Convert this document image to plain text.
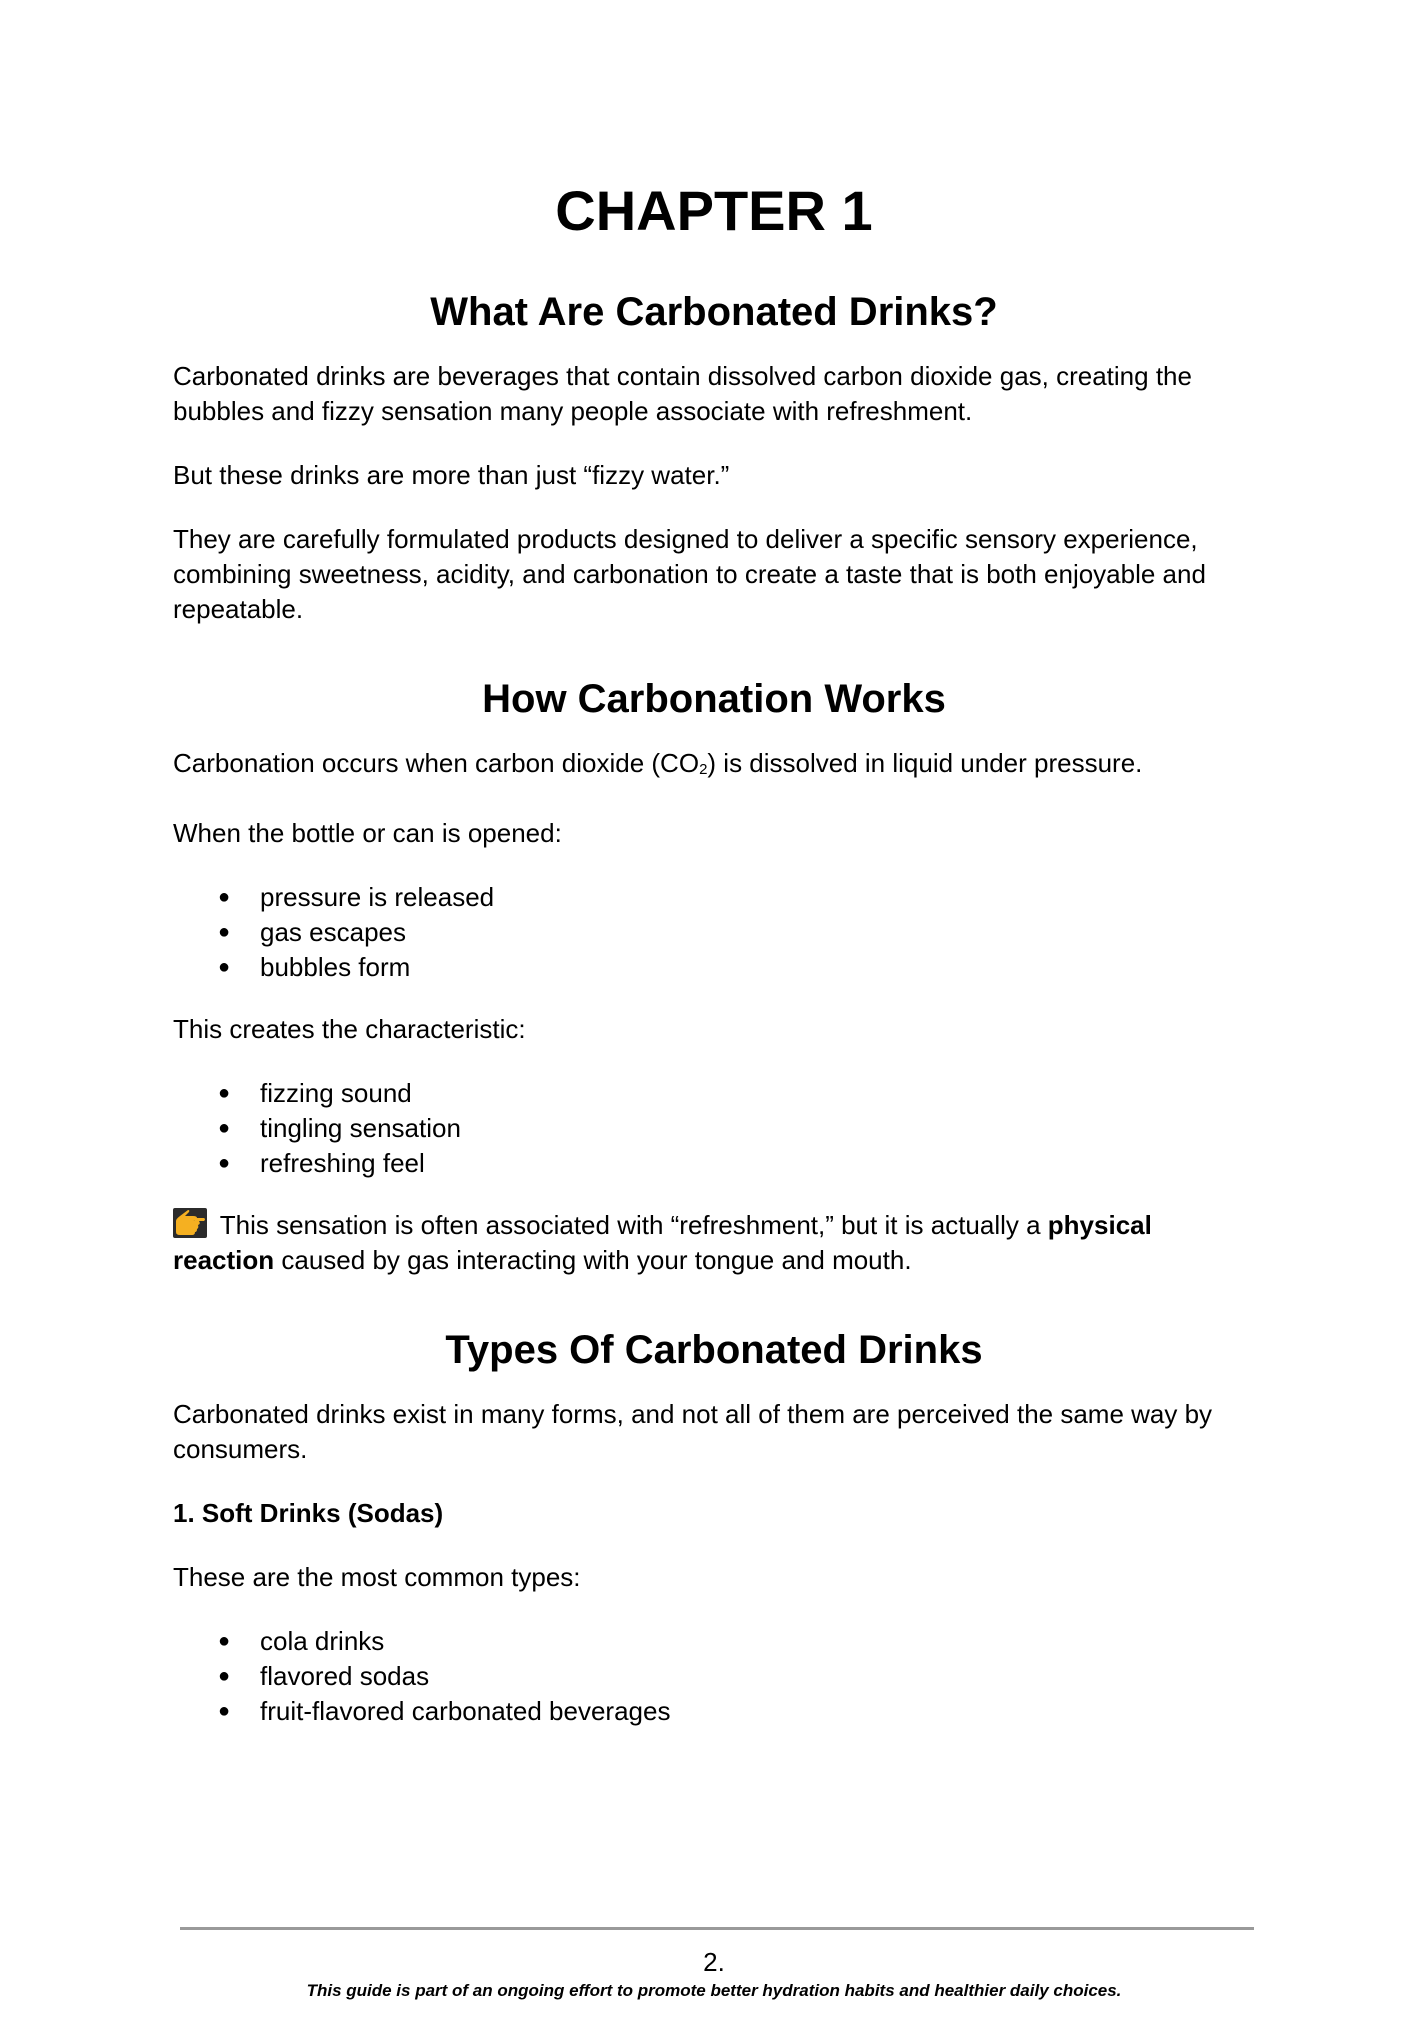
CHAPTER 1
What Are Carbonated Drinks?

Carbonated drinks are beverages that contain dissolved carbon dioxide gas, creating the bubbles and fizzy sensation many people associate with refreshment.

But these drinks are more than just “fizzy water.”

They are carefully formulated products designed to deliver a specific sensory experience, combining sweetness, acidity, and carbonation to create a taste that is both enjoyable and repeatable.

How Carbonation Works

Carbonation occurs when carbon dioxide $(CO_2)$ is dissolved in liquid under pressure.

When the bottle or can is opened:

● pressure is released
● gas escapes
● bubbles form

This creates the characteristic:

● fizzing sound
● tingling sensation
● refreshing feel

This sensation is often associated with “refreshment,” but it is actually a physical reaction caused by gas interacting with your tongue and mouth.

Types Of Carbonated Drinks

Carbonated drinks exist in many forms, and not all of them are perceived the same way by consumers.

1. Soft Drinks (Sodas)

These are the most common types:

● cola drinks
● flavored sodas
● fruit-flavored carbonated beverages
2.
This guide is part of an ongoing effort to promote better hydration habits and healthier daily choices.
